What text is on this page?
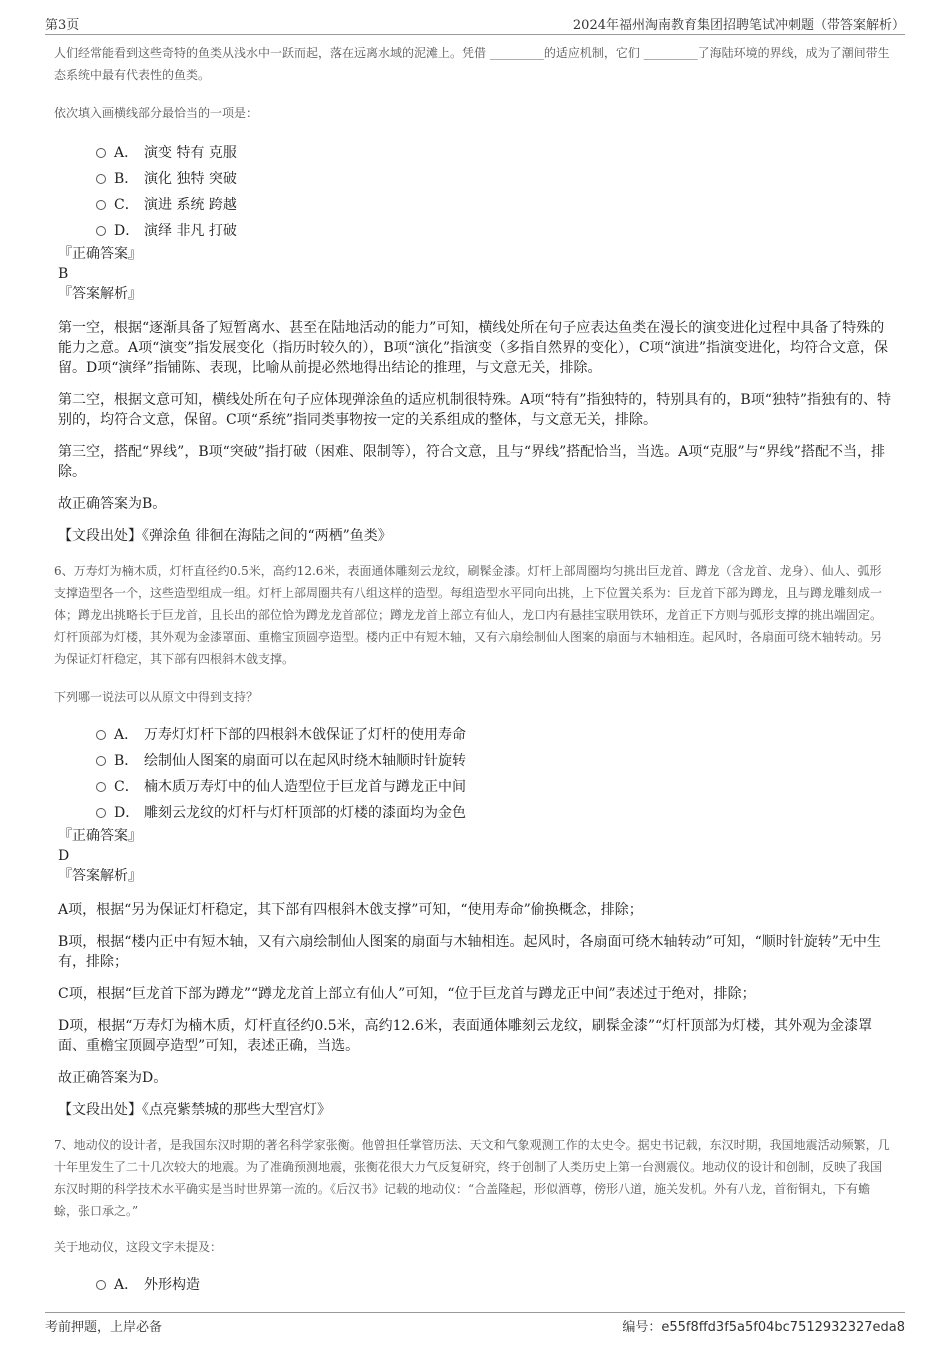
第3页	2024年福州淘南教育集团招聘笔试冲刺题（带答案解析）

人们经常能看到这些奇特的鱼类从浅水中一跃而起，落在远离水域的泥滩上。凭借 _________的适应机制，它们 _________了海陆环境的界线，成为了潮间带生态系统中最有代表性的鱼类。

依次填入画横线部分最恰当的一项是：

A． 演变 特有 克服
B． 演化 独特 突破
C． 演进 系统 跨越
D． 演绎 非凡 打破
『正确答案』
B
『答案解析』

第一空，根据“逐渐具备了短暂离水、甚至在陆地活动的能力”可知，横线处所在句子应表达鱼类在漫长的演变进化过程中具备了特殊的能力之意。A项“演变”指发展变化（指历时较久的），B项“演化”指演变（多指自然界的变化），C项“演进”指演变进化，均符合文意，保留。D项“演绎”指铺陈、表现，比喻从前提必然地得出结论的推理，与文意无关，排除。

第二空，根据文意可知，横线处所在句子应体现弹涂鱼的适应机制很特殊。A项“特有”指独特的，特别具有的，B项“独特”指独有的、特别的，均符合文意，保留。C项“系统”指同类事物按一定的关系组成的整体，与文意无关，排除。

第三空，搭配“界线”，B项“突破”指打破（困难、限制等），符合文意，且与“界线”搭配恰当，当选。A项“克服”与“界线”搭配不当，排除。

故正确答案为B。

【文段出处】《弹涂鱼 徘徊在海陆之间的“两栖”鱼类》

6、万寿灯为楠木质，灯杆直径约0.5米，高约12.6米，表面通体雕刻云龙纹，刷髹金漆。灯杆上部周圈均匀挑出巨龙首、蹲龙（含龙首、龙身）、仙人、弧形支撑造型各一个，这些造型组成一组。灯杆上部周圈共有八组这样的造型。每组造型水平同向出挑，上下位置关系为：巨龙首下部为蹲龙，且与蹲龙雕刻成一体；蹲龙出挑略长于巨龙首，且长出的部位恰为蹲龙龙首部位；蹲龙龙首上部立有仙人，龙口内有悬挂宝联用铁环，龙首正下方则与弧形支撑的挑出端固定。灯杆顶部为灯楼，其外观为金漆罩面、重檐宝顶圆亭造型。楼内正中有短木轴，又有六扇绘制仙人图案的扇面与木轴相连。起风时，各扇面可绕木轴转动。另为保证灯杆稳定，其下部有四根斜木戗支撑。

下列哪一说法可以从原文中得到支持？

A． 万寿灯灯杆下部的四根斜木戗保证了灯杆的使用寿命
B． 绘制仙人图案的扇面可以在起风时绕木轴顺时针旋转
C． 楠木质万寿灯中的仙人造型位于巨龙首与蹲龙正中间
D． 雕刻云龙纹的灯杆与灯杆顶部的灯楼的漆面均为金色
『正确答案』
D
『答案解析』

A项，根据“另为保证灯杆稳定，其下部有四根斜木戗支撑”可知，“使用寿命”偷换概念，排除；

B项，根据“楼内正中有短木轴，又有六扇绘制仙人图案的扇面与木轴相连。起风时，各扇面可绕木轴转动”可知，“顺时针旋转”无中生有，排除；

C项，根据“巨龙首下部为蹲龙”“蹲龙龙首上部立有仙人”可知，“位于巨龙首与蹲龙正中间”表述过于绝对，排除；

D项，根据“万寿灯为楠木质，灯杆直径约0.5米，高约12.6米，表面通体雕刻云龙纹，刷髹金漆”“灯杆顶部为灯楼，其外观为金漆罩面、重檐宝顶圆亭造型”可知，表述正确，当选。

故正确答案为D。

【文段出处】《点亮紫禁城的那些大型宫灯》

7、地动仪的设计者，是我国东汉时期的著名科学家张衡。他曾担任掌管历法、天文和气象观测工作的太史令。据史书记载，东汉时期，我国地震活动频繁，几十年里发生了二十几次较大的地震。为了准确预测地震，张衡花很大力气反复研究，终于创制了人类历史上第一台测震仪。地动仪的设计和创制，反映了我国东汉时期的科学技术水平确实是当时世界第一流的。《后汉书》记载的地动仪：“合盖隆起，形似酒尊，傍形八道，施关发机。外有八龙，首衔铜丸，下有蟾蜍，张口承之。”

关于地动仪，这段文字未提及：

A． 外形构造
考前押题，上岸必备	编号：e55f8ffd3f5a5f04bc7512932327eda8
